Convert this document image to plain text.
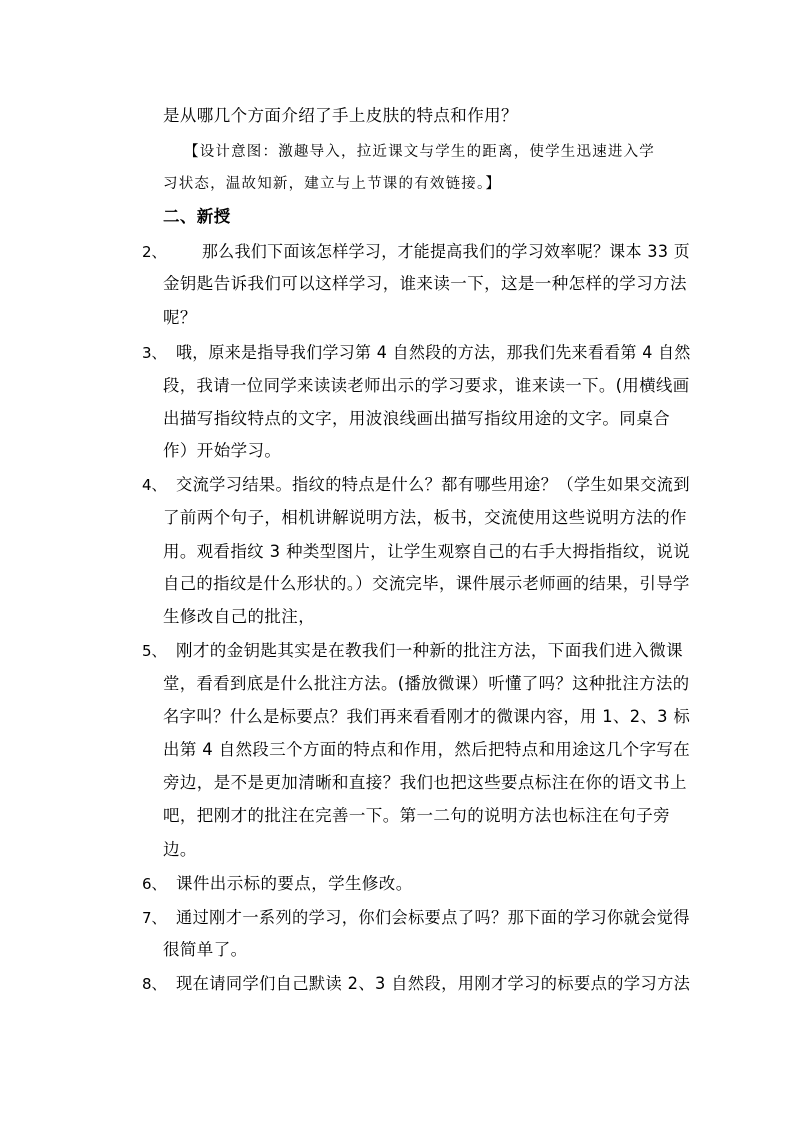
是从哪几个方面介绍了手上皮肤的特点和作用？
【设计意图：激趣导入，拉近课文与学生的距离，使学生迅速进入学
习状态，温故知新，建立与上节课的有效链接。】
二、新授
2、 那么我们下面该怎样学习，才能提高我们的学习效率呢？课本 33 页
金钥匙告诉我们可以这样学习，谁来读一下，这是一种怎样的学习方法
呢？
3、 哦，原来是指导我们学习第 4 自然段的方法，那我们先来看看第 4 自然
段，我请一位同学来读读老师出示的学习要求，谁来读一下。(用横线画
出描写指纹特点的文字，用波浪线画出描写指纹用途的文字。同桌合
作）开始学习。
4、 交流学习结果。指纹的特点是什么？都有哪些用途？（学生如果交流到
了前两个句子，相机讲解说明方法，板书，交流使用这些说明方法的作
用。观看指纹 3 种类型图片，让学生观察自己的右手大拇指指纹，说说
自己的指纹是什么形状的。）交流完毕，课件展示老师画的结果，引导学
生修改自己的批注，
5、 刚才的金钥匙其实是在教我们一种新的批注方法，下面我们进入微课
堂，看看到底是什么批注方法。(播放微课）听懂了吗？这种批注方法的
名字叫？什么是标要点？我们再来看看刚才的微课内容，用 1、2、3 标
出第 4 自然段三个方面的特点和作用，然后把特点和用途这几个字写在
旁边，是不是更加清晰和直接？我们也把这些要点标注在你的语文书上
吧，把刚才的批注在完善一下。第一二句的说明方法也标注在句子旁
边。
6、 课件出示标的要点，学生修改。
7、 通过刚才一系列的学习，你们会标要点了吗？那下面的学习你就会觉得
很简单了。
8、 现在请同学们自己默读 2、3 自然段，用刚才学习的标要点的学习方法
